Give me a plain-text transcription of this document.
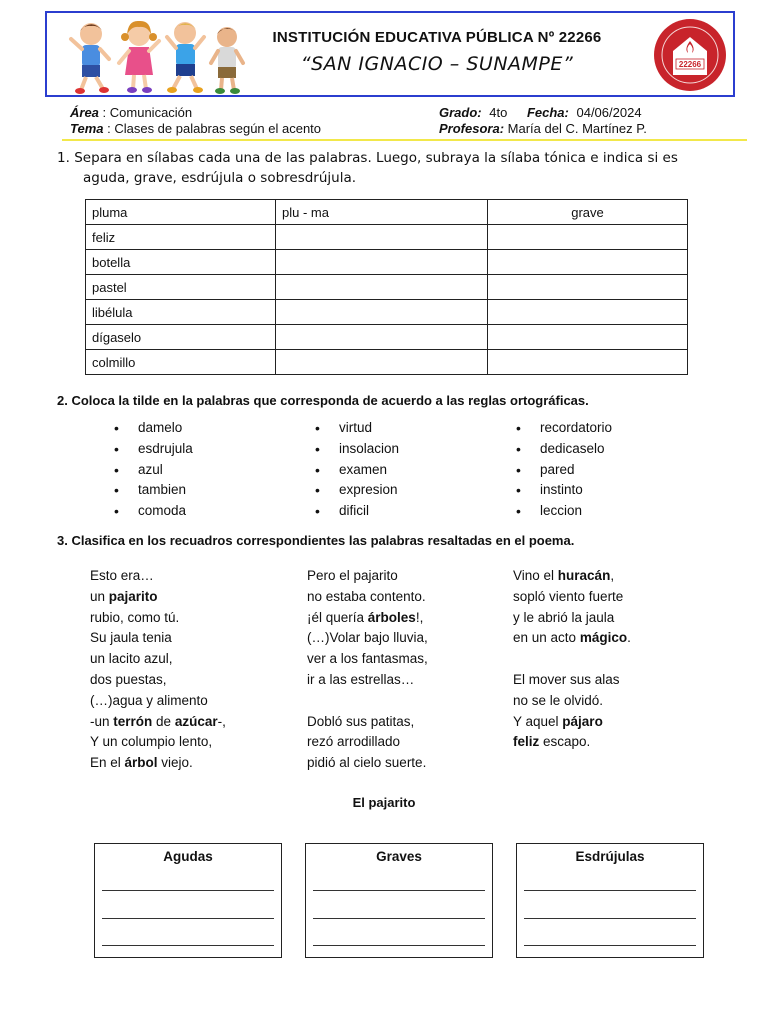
INSTITUCIÓN EDUCATIVA PÚBLICA Nº 22266
“SAN IGNACIO – SUNAMPE”	22266
Área : Comunicación
Tema : Clases de palabras según el acento
Grado: 4to Fecha: 04/06/2024
Profesora: María del C. Martínez P.
1. Separa en sílabas cada una de las palabras. Luego, subraya la sílaba tónica e indica si es
aguda, grave, esdrújula o sobresdrújula.
pluma	plu - ma	grave
feliz		
botella		
pastel		
libélula		
dígaselo		
colmillo		
2. Coloca la tilde en la palabras que corresponda de acuerdo a las reglas ortográficas.
• damelo
• esdrujula
• azul
• tambien
• comoda
• virtud
• insolacion
• examen
• expresion
• dificil
• recordatorio
• dedicaselo
• pared
• instinto
• leccion
3. Clasifica en los recuadros correspondientes las palabras resaltadas en el poema.
Esto era…
un pajarito
rubio, como tú.
Su jaula tenia
un lacito azul,
dos puestas,
(…)agua y alimento
-un terrón de azúcar-,
Y un columpio lento,
En el árbol viejo.
Pero el pajarito
no estaba contento.
¡él quería árboles!,
(…)Volar bajo lluvia,
ver a los fantasmas,
ir a las estrellas…
Dobló sus patitas,
rezó arrodillado
pidió al cielo suerte.
Vino el huracán,
sopló viento fuerte
y le abrió la jaula
en un acto mágico.
El mover sus alas
no se le olvidó.
Y aquel pájaro
feliz escapo.
El pajarito
Agudas	Graves	Esdrújulas
